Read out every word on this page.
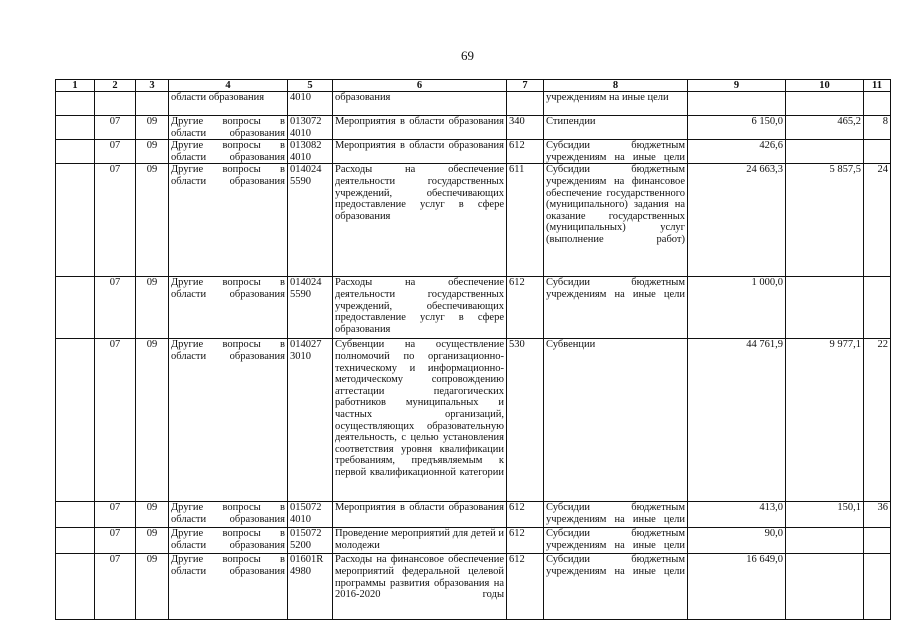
69
1	2	3	4	5	6	7	8	9	10	11
			области образования	4010	образования		учреждениям на иные цели			
	07	09	Другие вопросы в области образования	013072 4010	Мероприятия в области образования	340	Стипендии	6 150,0	465,2	8
	07	09	Другие вопросы в области образования	013082 4010	Мероприятия в области образования	612	Субсидии бюджетным учреждениям на иные цели	426,6		
	07	09	Другие вопросы в области образования	014024 5590	Расходы на обеспечение деятельности государственных учреждений, обеспечивающих предоставление услуг в сфере образования	611	Субсидии бюджетным учреждениям на финансовое обеспечение государственного (муниципального) задания на оказание государственных (муниципальных) услуг (выполнение работ)	24 663,3	5 857,5	24
	07	09	Другие вопросы в области образования	014024 5590	Расходы на обеспечение деятельности государственных учреждений, обеспечивающих предоставление услуг в сфере образования	612	Субсидии бюджетным учреждениям на иные цели	1 000,0		
	07	09	Другие вопросы в области образования	014027 3010	Субвенции на осуществление полномочий по организационно-техническому и информационно-методическому сопровождению аттестации педагогических работников муниципальных и частных организаций, осуществляющих образовательную деятельность, с целью установления соответствия уровня квалификации требованиям, предъявляемым к первой квалификационной категории	530	Субвенции	44 761,9	9 977,1	22
	07	09	Другие вопросы в области образования	015072 4010	Мероприятия в области образования	612	Субсидии бюджетным учреждениям на иные цели	413,0	150,1	36
	07	09	Другие вопросы в области образования	015072 5200	Проведение мероприятий для детей и молодежи	612	Субсидии бюджетным учреждениям на иные цели	90,0		
	07	09	Другие вопросы в области образования	01601R 4980	Расходы на финансовое обеспечение мероприятий федеральной целевой программы развития образования на 2016-2020 годы	612	Субсидии бюджетным учреждениям на иные цели	16 649,0		
